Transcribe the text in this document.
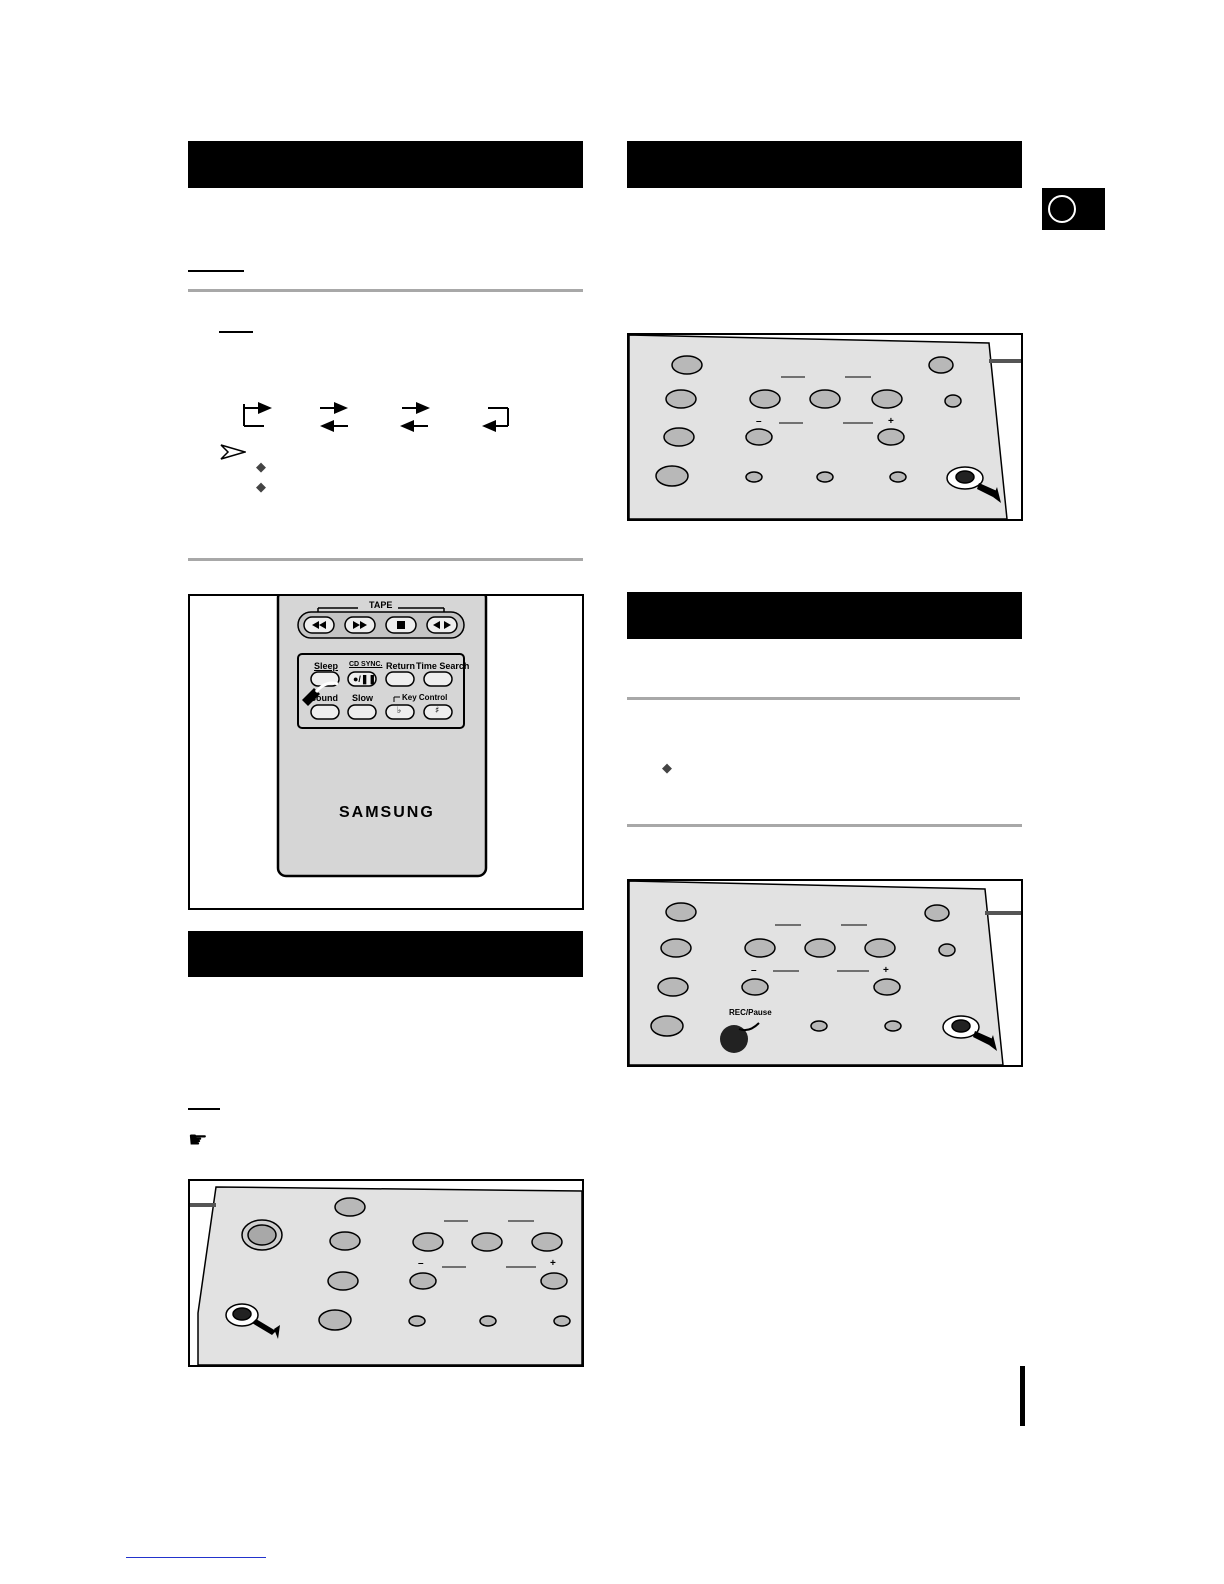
◆
◆
TAPE
Sleep CD SYNC. Return Time Search
●/❚❚
Sound Slow	Key Control
♭	♯
SAMSUNG
☛
–	+
–	+
◆
–	+
REC/Pause
